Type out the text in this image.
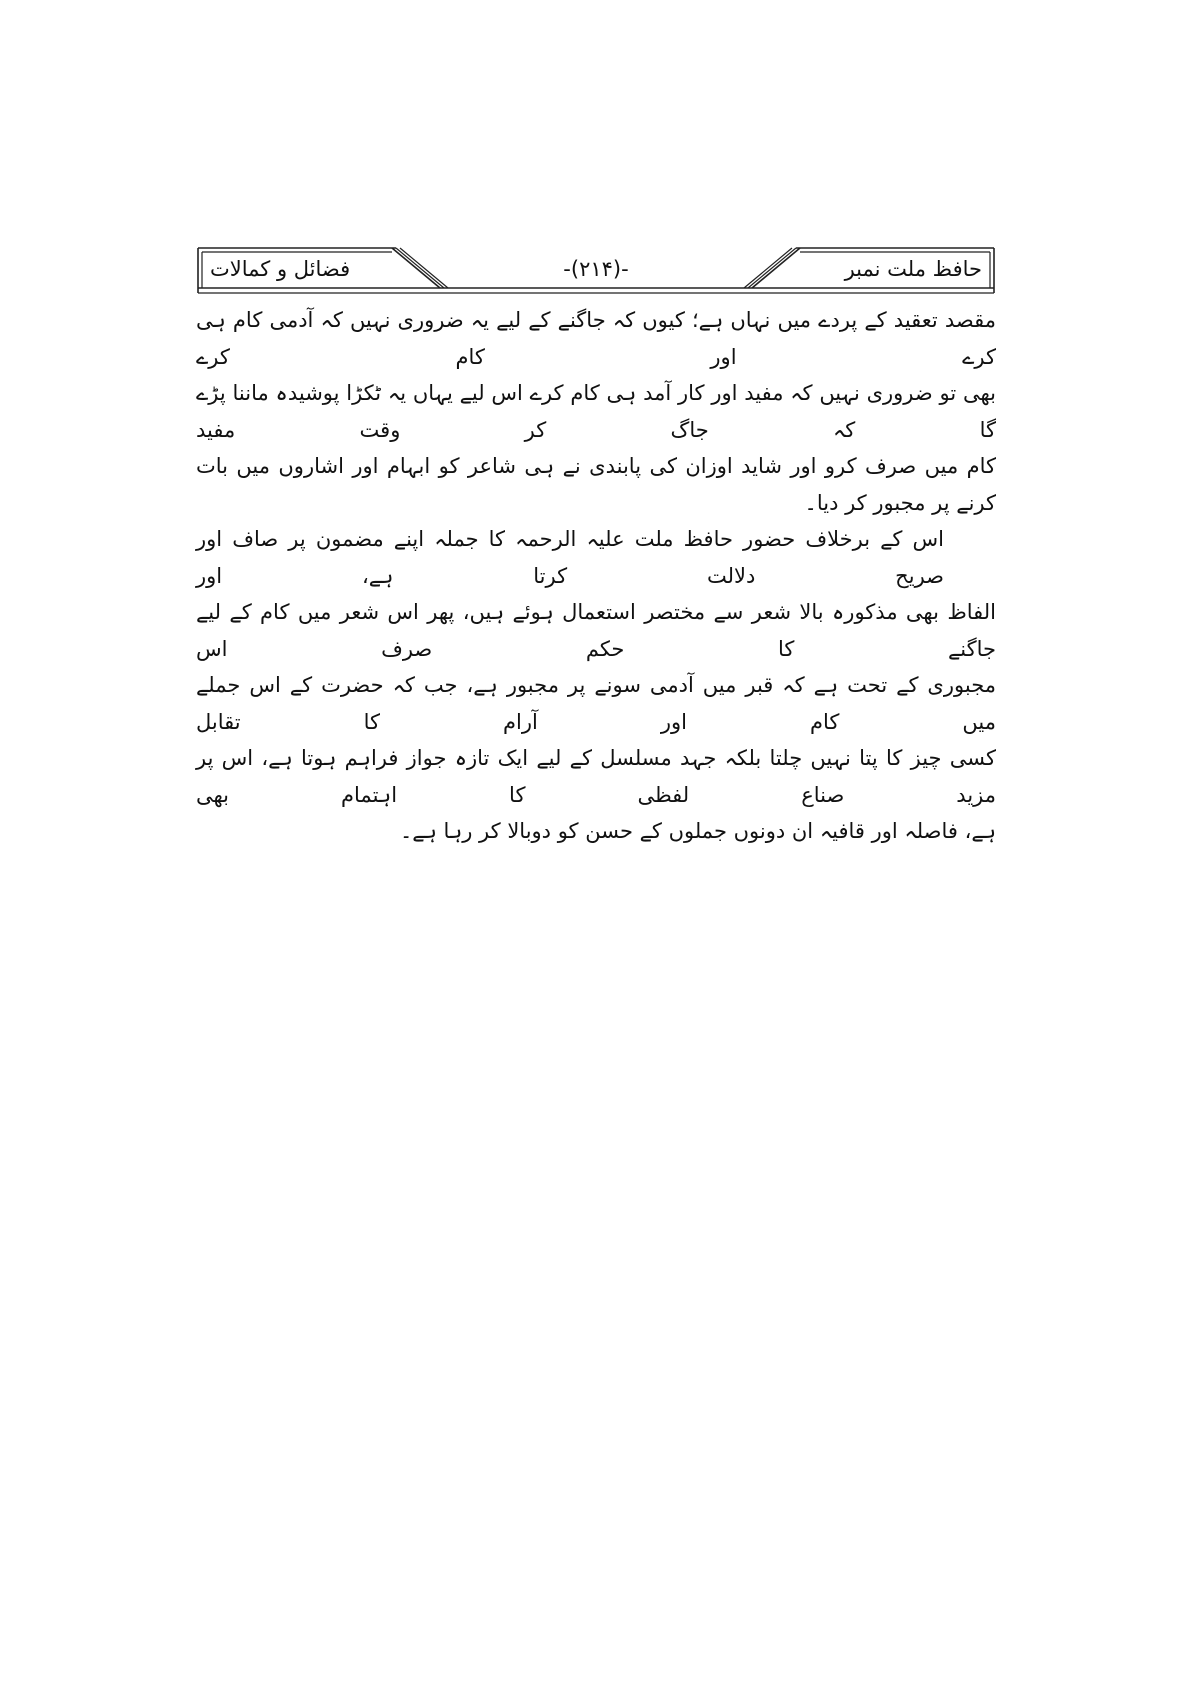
فضائل و کمالات	-(۲۱۴)-	حافظ ملت نمبر

مقصد تعقید کے پردے میں نہاں ہے؛ کیوں کہ جاگنے کے لیے یہ ضروری نہیں کہ آدمی کام ہی کرے اور کام کرے
بھی تو ضروری نہیں کہ مفید اور کار آمد ہی کام کرے اس لیے یہاں یہ ٹکڑا پوشیدہ ماننا پڑے گا کہ جاگ کر وقت مفید
کام میں صرف کرو اور شاید اوزان کی پابندی نے ہی شاعر کو ابہام اور اشاروں میں بات کرنے پر مجبور کر دیا۔

اس کے برخلاف حضور حافظ ملت علیہ الرحمہ کا جملہ اپنے مضمون پر صاف اور صریح دلالت کرتا ہے، اور
الفاظ بھی مذکورہ بالا شعر سے مختصر استعمال ہوئے ہیں، پھر اس شعر میں کام کے لیے جاگنے کا حکم صرف اس
مجبوری کے تحت ہے کہ قبر میں آدمی سونے پر مجبور ہے، جب کہ حضرت کے اس جملے میں کام اور آرام کا تقابل
کسی چیز کا پتا نہیں چلتا بلکہ جہد مسلسل کے لیے ایک تازہ جواز فراہم ہوتا ہے، اس پر مزید صناع لفظی کا اہتمام بھی
ہے، فاصلہ اور قافیہ ان دونوں جملوں کے حسن کو دوبالا کر رہا ہے۔
